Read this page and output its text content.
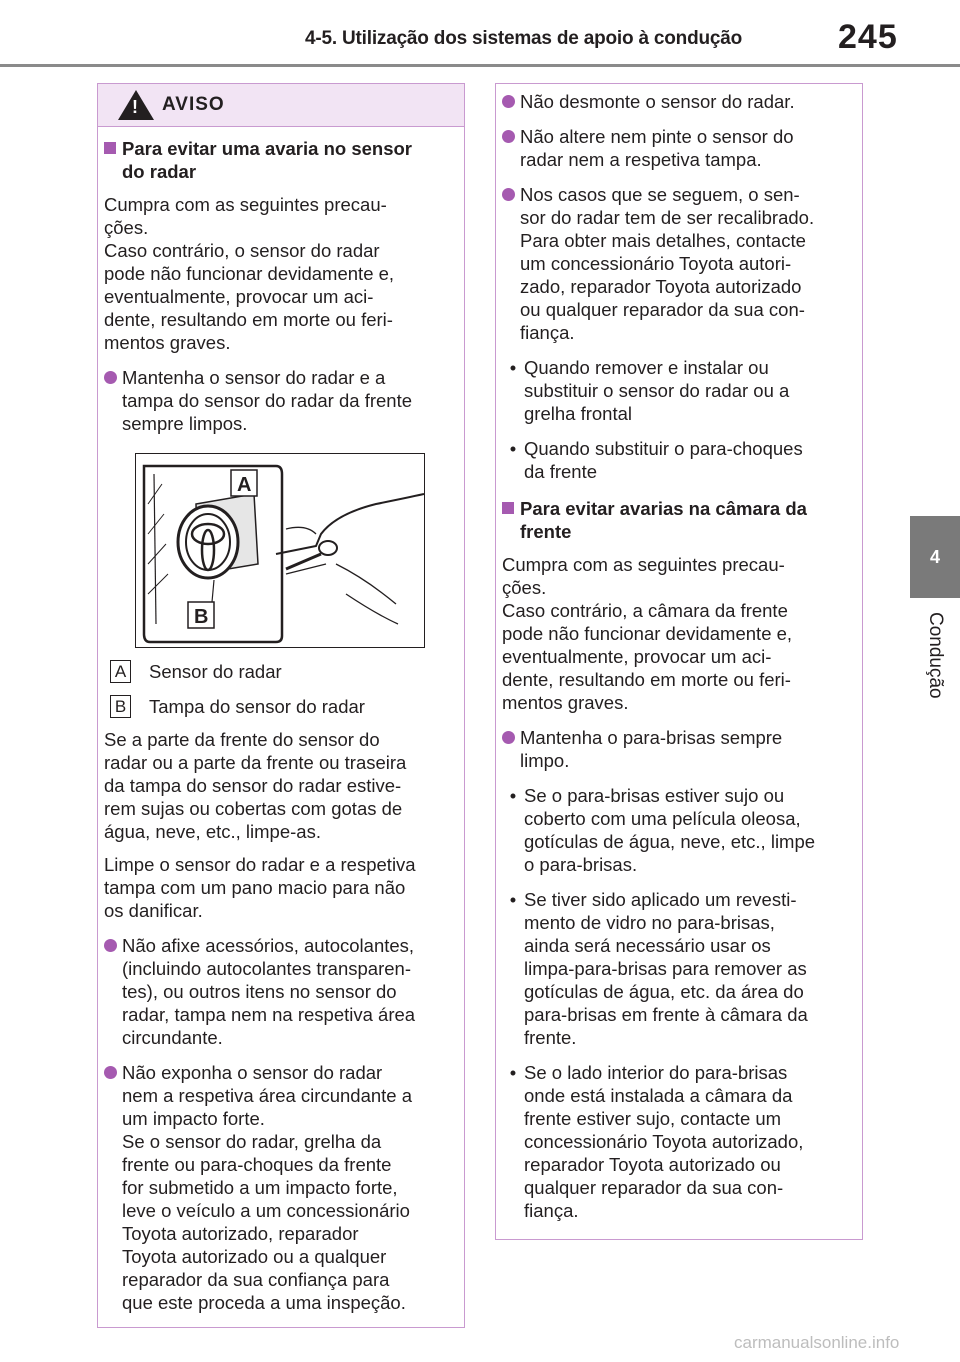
4-5. Utilização dos sistemas de apoio à condução	245
4
Condução
! AVISO
Para evitar uma avaria no sensor
do radar

Cumpra com as seguintes precau-
ções.
Caso contrário, o sensor do radar
pode não funcionar devidamente e,
eventualmente, provocar um aci-
dente, resultando em morte ou feri-
mentos graves.

Mantenha o sensor do radar e a
tampa do sensor do radar da frente
sempre limpos.
A
B
A Sensor do radar
B Tampa do sensor do radar

Se a parte da frente do sensor do
radar ou a parte da frente ou traseira
da tampa do sensor do radar estive-
rem sujas ou cobertas com gotas de
água, neve, etc., limpe-as.

Limpe o sensor do radar e a respetiva
tampa com um pano macio para não
os danificar.

Não afixe acessórios, autocolantes,
(incluindo autocolantes transparen-
tes), ou outros itens no sensor do
radar, tampa nem na respetiva área
circundante.
Não exponha o sensor do radar
nem a respetiva área circundante a
um impacto forte.
Se o sensor do radar, grelha da
frente ou para-choques da frente
for submetido a um impacto forte,
leve o veículo a um concessionário
Toyota autorizado, reparador
Toyota autorizado ou a qualquer
reparador da sua confiança para
que este proceda a uma inspeção.
Não desmonte o sensor do radar.
Não altere nem pinte o sensor do
radar nem a respetiva tampa.
Nos casos que se seguem, o sen-
sor do radar tem de ser recalibrado.
Para obter mais detalhes, contacte
um concessionário Toyota autori-
zado, reparador Toyota autorizado
ou qualquer reparador da sua con-
fiança.
• Quando remover e instalar ou
substituir o sensor do radar ou a
grelha frontal
• Quando substituir o para-choques
da frente
Para evitar avarias na câmara da
frente

Cumpra com as seguintes precau-
ções.
Caso contrário, a câmara da frente
pode não funcionar devidamente e,
eventualmente, provocar um aci-
dente, resultando em morte ou feri-
mentos graves.

Mantenha o para-brisas sempre
limpo.
• Se o para-brisas estiver sujo ou
coberto com uma película oleosa,
gotículas de água, neve, etc., limpe
o para-brisas.
• Se tiver sido aplicado um revesti-
mento de vidro no para-brisas,
ainda será necessário usar os
limpa-para-brisas para remover as
gotículas de água, etc. da área do
para-brisas em frente à câmara da
frente.
• Se o lado interior do para-brisas
onde está instalada a câmara da
frente estiver sujo, contacte um
concessionário Toyota autorizado,
reparador Toyota autorizado ou
qualquer reparador da sua con-
fiança.
carmanualsonline.info
